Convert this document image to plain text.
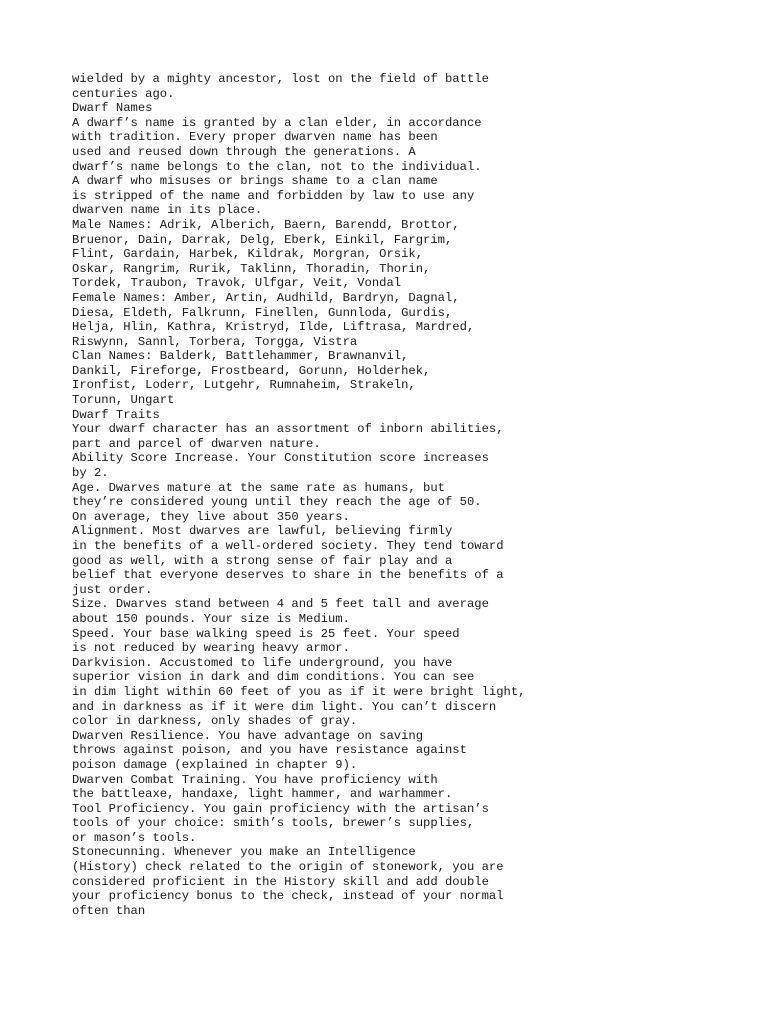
wielded by a mighty ancestor, lost on the field of battle
centuries ago.
Dwarf Names
A dwarf’s name is granted by a clan elder, in accordance
with tradition. Every proper dwarven name has been
used and reused down through the generations. A
dwarf’s name belongs to the clan, not to the individual.
A dwarf who misuses or brings shame to a clan name
is stripped of the name and forbidden by law to use any
dwarven name in its place.
Male Names: Adrik, Alberich, Baern, Barendd, Brottor,
Bruenor, Dain, Darrak, Delg, Eberk, Einkil, Fargrim,
Flint, Gardain, Harbek, Kildrak, Morgran, Orsik,
Oskar, Rangrim, Rurik, Taklinn, Thoradin, Thorin,
Tordek, Traubon, Travok, Ulfgar, Veit, Vondal
Female Names: Amber, Artin, Audhild, Bardryn, Dagnal,
Diesa, Eldeth, Falkrunn, Finellen, Gunnloda, Gurdis,
Helja, Hlin, Kathra, Kristryd, Ilde, Liftrasa, Mardred,
Riswynn, Sannl, Torbera, Torgga, Vistra
Clan Names: Balderk, Battlehammer, Brawnanvil,
Dankil, Fireforge, Frostbeard, Gorunn, Holderhek,
Ironfist, Loderr, Lutgehr, Rumnaheim, Strakeln,
Torunn, Ungart
Dwarf Traits
Your dwarf character has an assortment of inborn abilities,
part and parcel of dwarven nature.
Ability Score Increase. Your Constitution score increases
by 2.
Age. Dwarves mature at the same rate as humans, but
they’re considered young until they reach the age of 50.
On average, they live about 350 years.
Alignment. Most dwarves are lawful, believing firmly
in the benefits of a well-ordered society. They tend toward
good as well, with a strong sense of fair play and a
belief that everyone deserves to share in the benefits of a
just order.
Size. Dwarves stand between 4 and 5 feet tall and average
about 150 pounds. Your size is Medium.
Speed. Your base walking speed is 25 feet. Your speed
is not reduced by wearing heavy armor.
Darkvision. Accustomed to life underground, you have
superior vision in dark and dim conditions. You can see
in dim light within 60 feet of you as if it were bright light,
and in darkness as if it were dim light. You can’t discern
color in darkness, only shades of gray.
Dwarven Resilience. You have advantage on saving
throws against poison, and you have resistance against
poison damage (explained in chapter 9).
Dwarven Combat Training. You have proficiency with
the battleaxe, handaxe, light hammer, and warhammer.
Tool Proficiency. You gain proficiency with the artisan’s
tools of your choice: smith’s tools, brewer’s supplies,
or mason’s tools.
Stonecunning. Whenever you make an Intelligence
(History) check related to the origin of stonework, you are
considered proficient in the History skill and add double
your proficiency bonus to the check, instead of your normal
often than
